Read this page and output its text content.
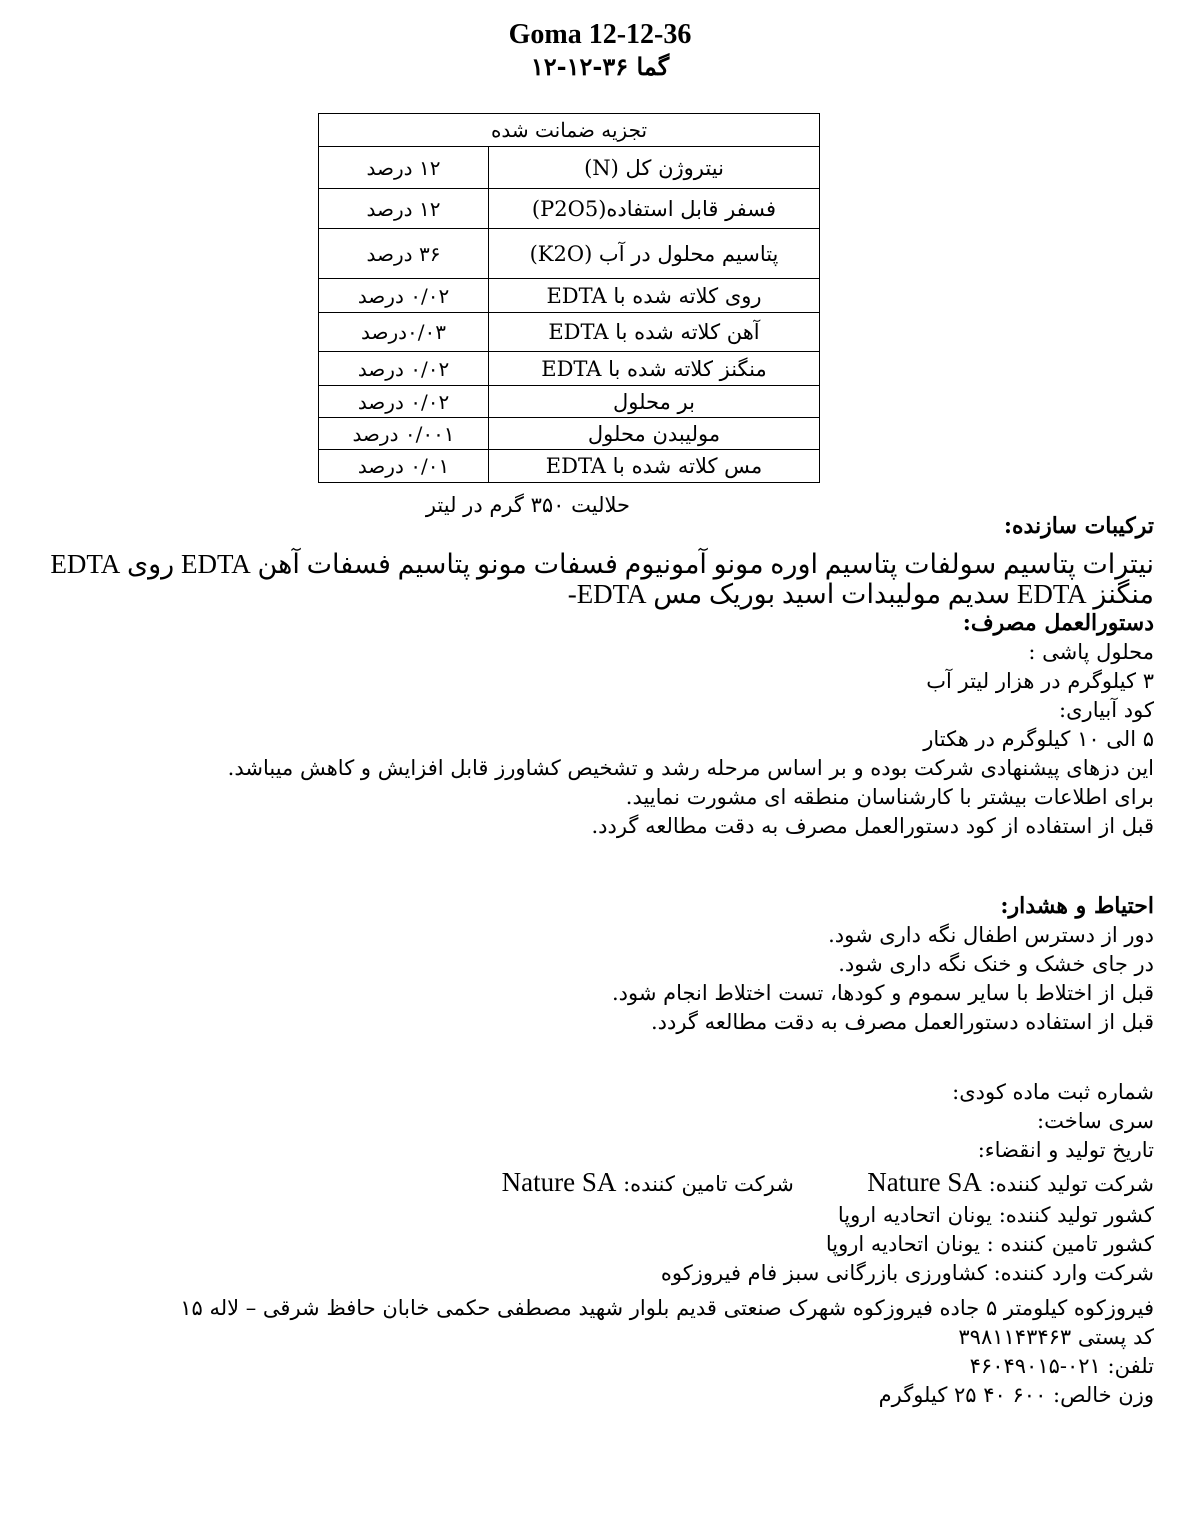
Goma 12-12-36
گما ۳۶-۱۲-۱۲
تجزیه ضمانت شده	
نیتروژن کل (N)	۱۲ درصد
فسفر قابل استفاده(P2O5)	۱۲ درصد
پتاسیم محلول در آب (K2O)	۳۶ درصد
روی کلاته شده با EDTA	۰/۰۲ درصد
آهن کلاته شده با EDTA	۰/۰۳درصد
منگنز کلاته شده با EDTA	۰/۰۲ درصد
بر محلول	۰/۰۲ درصد
مولیبدن محلول	۰/۰۰۱ درصد
مس کلاته شده با EDTA	۰/۰۱ درصد
حلالیت ۳۵۰ گرم در لیتر
ترکیبات سازنده:
نیترات پتاسیم سولفات پتاسیم اوره مونو آمونیوم فسفات مونو پتاسیم فسفات آهن EDTA روی EDTA
منگنز EDTA سدیم مولیبدات اسید بوریک مس EDTA-
دستورالعمل مصرف:
محلول پاشی :
۳ کیلوگرم در هزار لیتر آب
کود آبیاری:
۵ الی ۱۰ کیلوگرم در هکتار
این دزهای پیشنهادی شرکت بوده و بر اساس مرحله رشد و تشخیص کشاورز قابل افزایش و کاهش میباشد.
برای اطلاعات بیشتر با کارشناسان منطقه ای مشورت نمایید.
قبل از استفاده از کود دستورالعمل مصرف به دقت مطالعه گردد.
احتیاط و هشدار:
دور از دسترس اطفال نگه داری شود.
در جای خشک و خنک نگه داری شود.
قبل از اختلاط با سایر سموم و کودها، تست اختلاط انجام شود.
قبل از استفاده دستورالعمل مصرف به دقت مطالعه گردد.
شماره ثبت ماده کودی:
سری ساخت:
تاریخ تولید و انقضاء:
شرکت تولید کننده: Nature SA  شرکت تامین کننده: Nature SA
کشور تولید کننده: یونان اتحادیه اروپا
کشور تامین کننده : یونان اتحادیه اروپا
شرکت وارد کننده: کشاورزی بازرگانی سبز فام فیروزکوه
فیروزکوه کیلومتر ۵ جاده فیروزکوه شهرک صنعتی قدیم بلوار شهید مصطفی حکمی خابان حافظ شرقی – لاله ۱۵
کد پستی ۳۹۸۱۱۴۳۴۶۳
تلفن: ۰۲۱-۴۶۰۴۹۰۱۵
وزن خالص: ۶۰۰ ۴۰ ۲۵ کیلوگرم
